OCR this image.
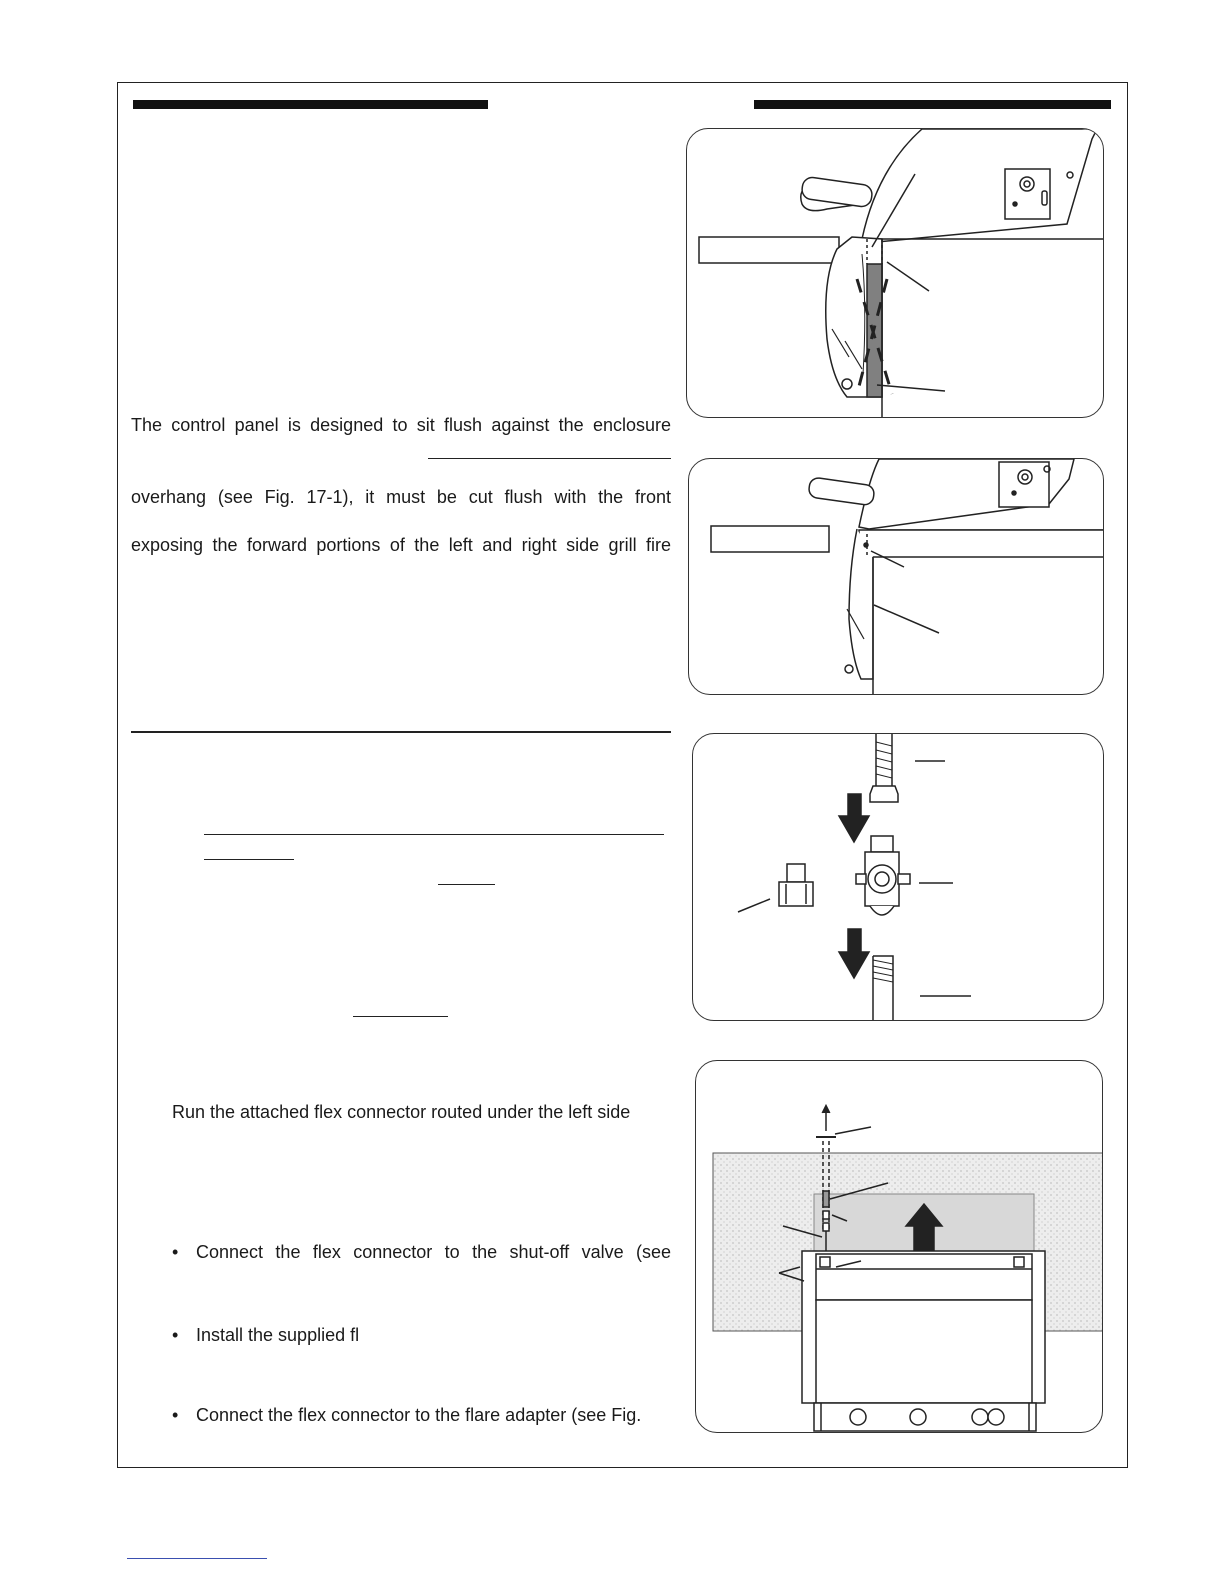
The control panel is designed to sit flush against the enclosure
overhang (see Fig. 17-1), it must be cut flush with the front
exposing the forward portions of the left and right side grill fire
Run the attached flex connector routed under the left side
• Connect the flex connector to the shut-off valve (see
• Install the supplied fl
• Connect the flex connector to the flare adapter (see Fig.
